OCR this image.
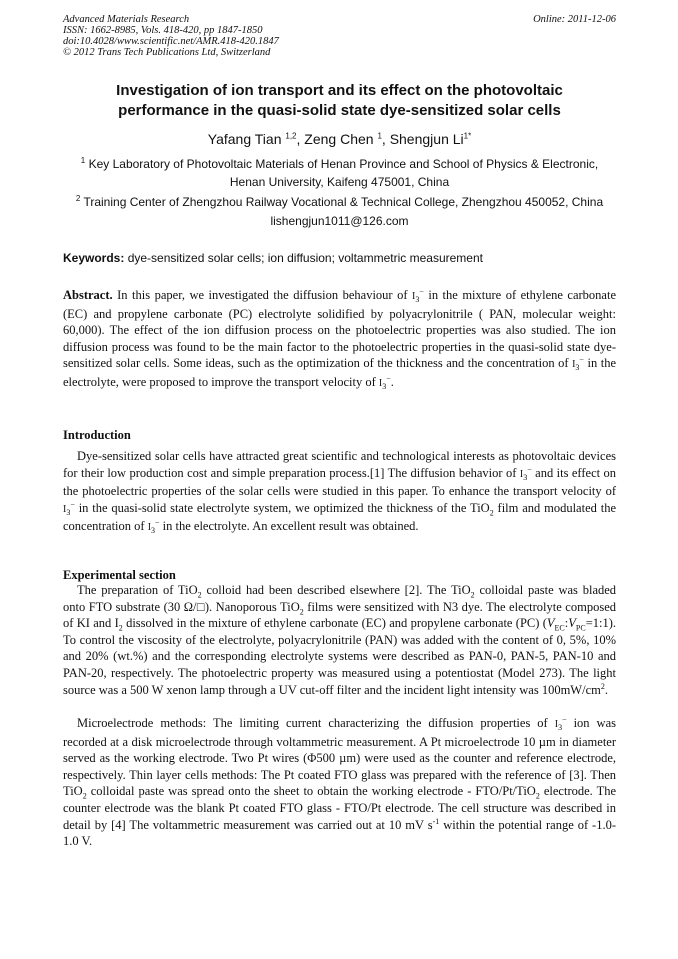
Advanced Materials Research
ISSN: 1662-8985, Vols. 418-420, pp 1847-1850
doi:10.4028/www.scientific.net/AMR.418-420.1847
© 2012 Trans Tech Publications Ltd, Switzerland
Online: 2011-12-06
Investigation of ion transport and its effect on the photovoltaic
performance in the quasi-solid state dye-sensitized solar cells
Yafang Tian $^{1,2}$, Zeng Chen $^1$, Shengjun $Li^{1*}$
$^1$ Key Laboratory of Photovoltaic Materials of Henan Province and School of Physics & Electronic,
Henan University, Kaifeng 475001, China
$^2$ Training Center of Zhengzhou Railway Vocational & Technical College, Zhengzhou 450052, China
lishengjun1011@126.com
Keywords: dye-sensitized solar cells; ion diffusion; voltammetric measurement
Abstract. In this paper, we investigated the diffusion behaviour of $I_3^-$ in the mixture of ethylene carbonate (EC) and propylene carbonate (PC) electrolyte solidified by polyacrylonitrile ( PAN, molecular weight: 60,000). The effect of the ion diffusion process on the photoelectric properties was also studied. The ion diffusion process was found to be the main factor to the photoelectric properties in the quasi-solid state dye-sensitized solar cells. Some ideas, such as the optimization of the thickness and the concentration of $I_3^-$ in the electrolyte, were proposed to improve the transport velocity of $I_3^-$.
Introduction
Dye-sensitized solar cells have attracted great scientific and technological interests as photovoltaic devices for their low production cost and simple preparation process.[1] The diffusion behavior of $I_3^-$ and its effect on the photoelectric properties of the solar cells were studied in this paper. To enhance the transport velocity of $I_3^-$ in the quasi-solid state electrolyte system, we optimized the thickness of the TiO$_2$ film and modulated the concentration of $I_3^-$ in the electrolyte. An excellent result was obtained.
Experimental section
The preparation of TiO$_2$ colloid had been described elsewhere [2]. The TiO$_2$ colloidal paste was bladed onto FTO substrate (30 Ω/□). Nanoporous TiO$_2$ films were sensitized with N3 dye. The electrolyte composed of KI and $I_2$ dissolved in the mixture of ethylene carbonate (EC) and propylene carbonate (PC) $(V_{EC}:V_{PC}=1:1)$. To control the viscosity of the electrolyte, polyacrylonitrile (PAN) was added with the content of 0, 5%, 10% and 20% (wt.%) and the corresponding electrolyte systems were described as PAN-0, PAN-5, PAN-10 and PAN-20, respectively. The photoelectric property was measured using a potentiostat (Model 273). The light source was a 500 W xenon lamp through a UV cut-off filter and the incident light intensity was $100mW/cm^2$.
Microelectrode methods: The limiting current characterizing the diffusion properties of $I_3^-$ ion was recorded at a disk microelectrode through voltammetric measurement. A Pt microelectrode 10 µm in diameter served as the working electrode. Two Pt wires (Φ500 µm) were used as the counter and reference electrode, respectively. Thin layer cells methods: The Pt coated FTO glass was prepared with the reference of [3]. Then TiO$_2$ colloidal paste was spread onto the sheet to obtain the working electrode - FTO/Pt/TiO$_2$ electrode. The counter electrode was the blank Pt coated FTO glass - FTO/Pt electrode. The cell structure was described in detail by [4] The voltammetric measurement was carried out at 10 mV $s^{-1}$ within the potential range of -1.0-1.0 V.
